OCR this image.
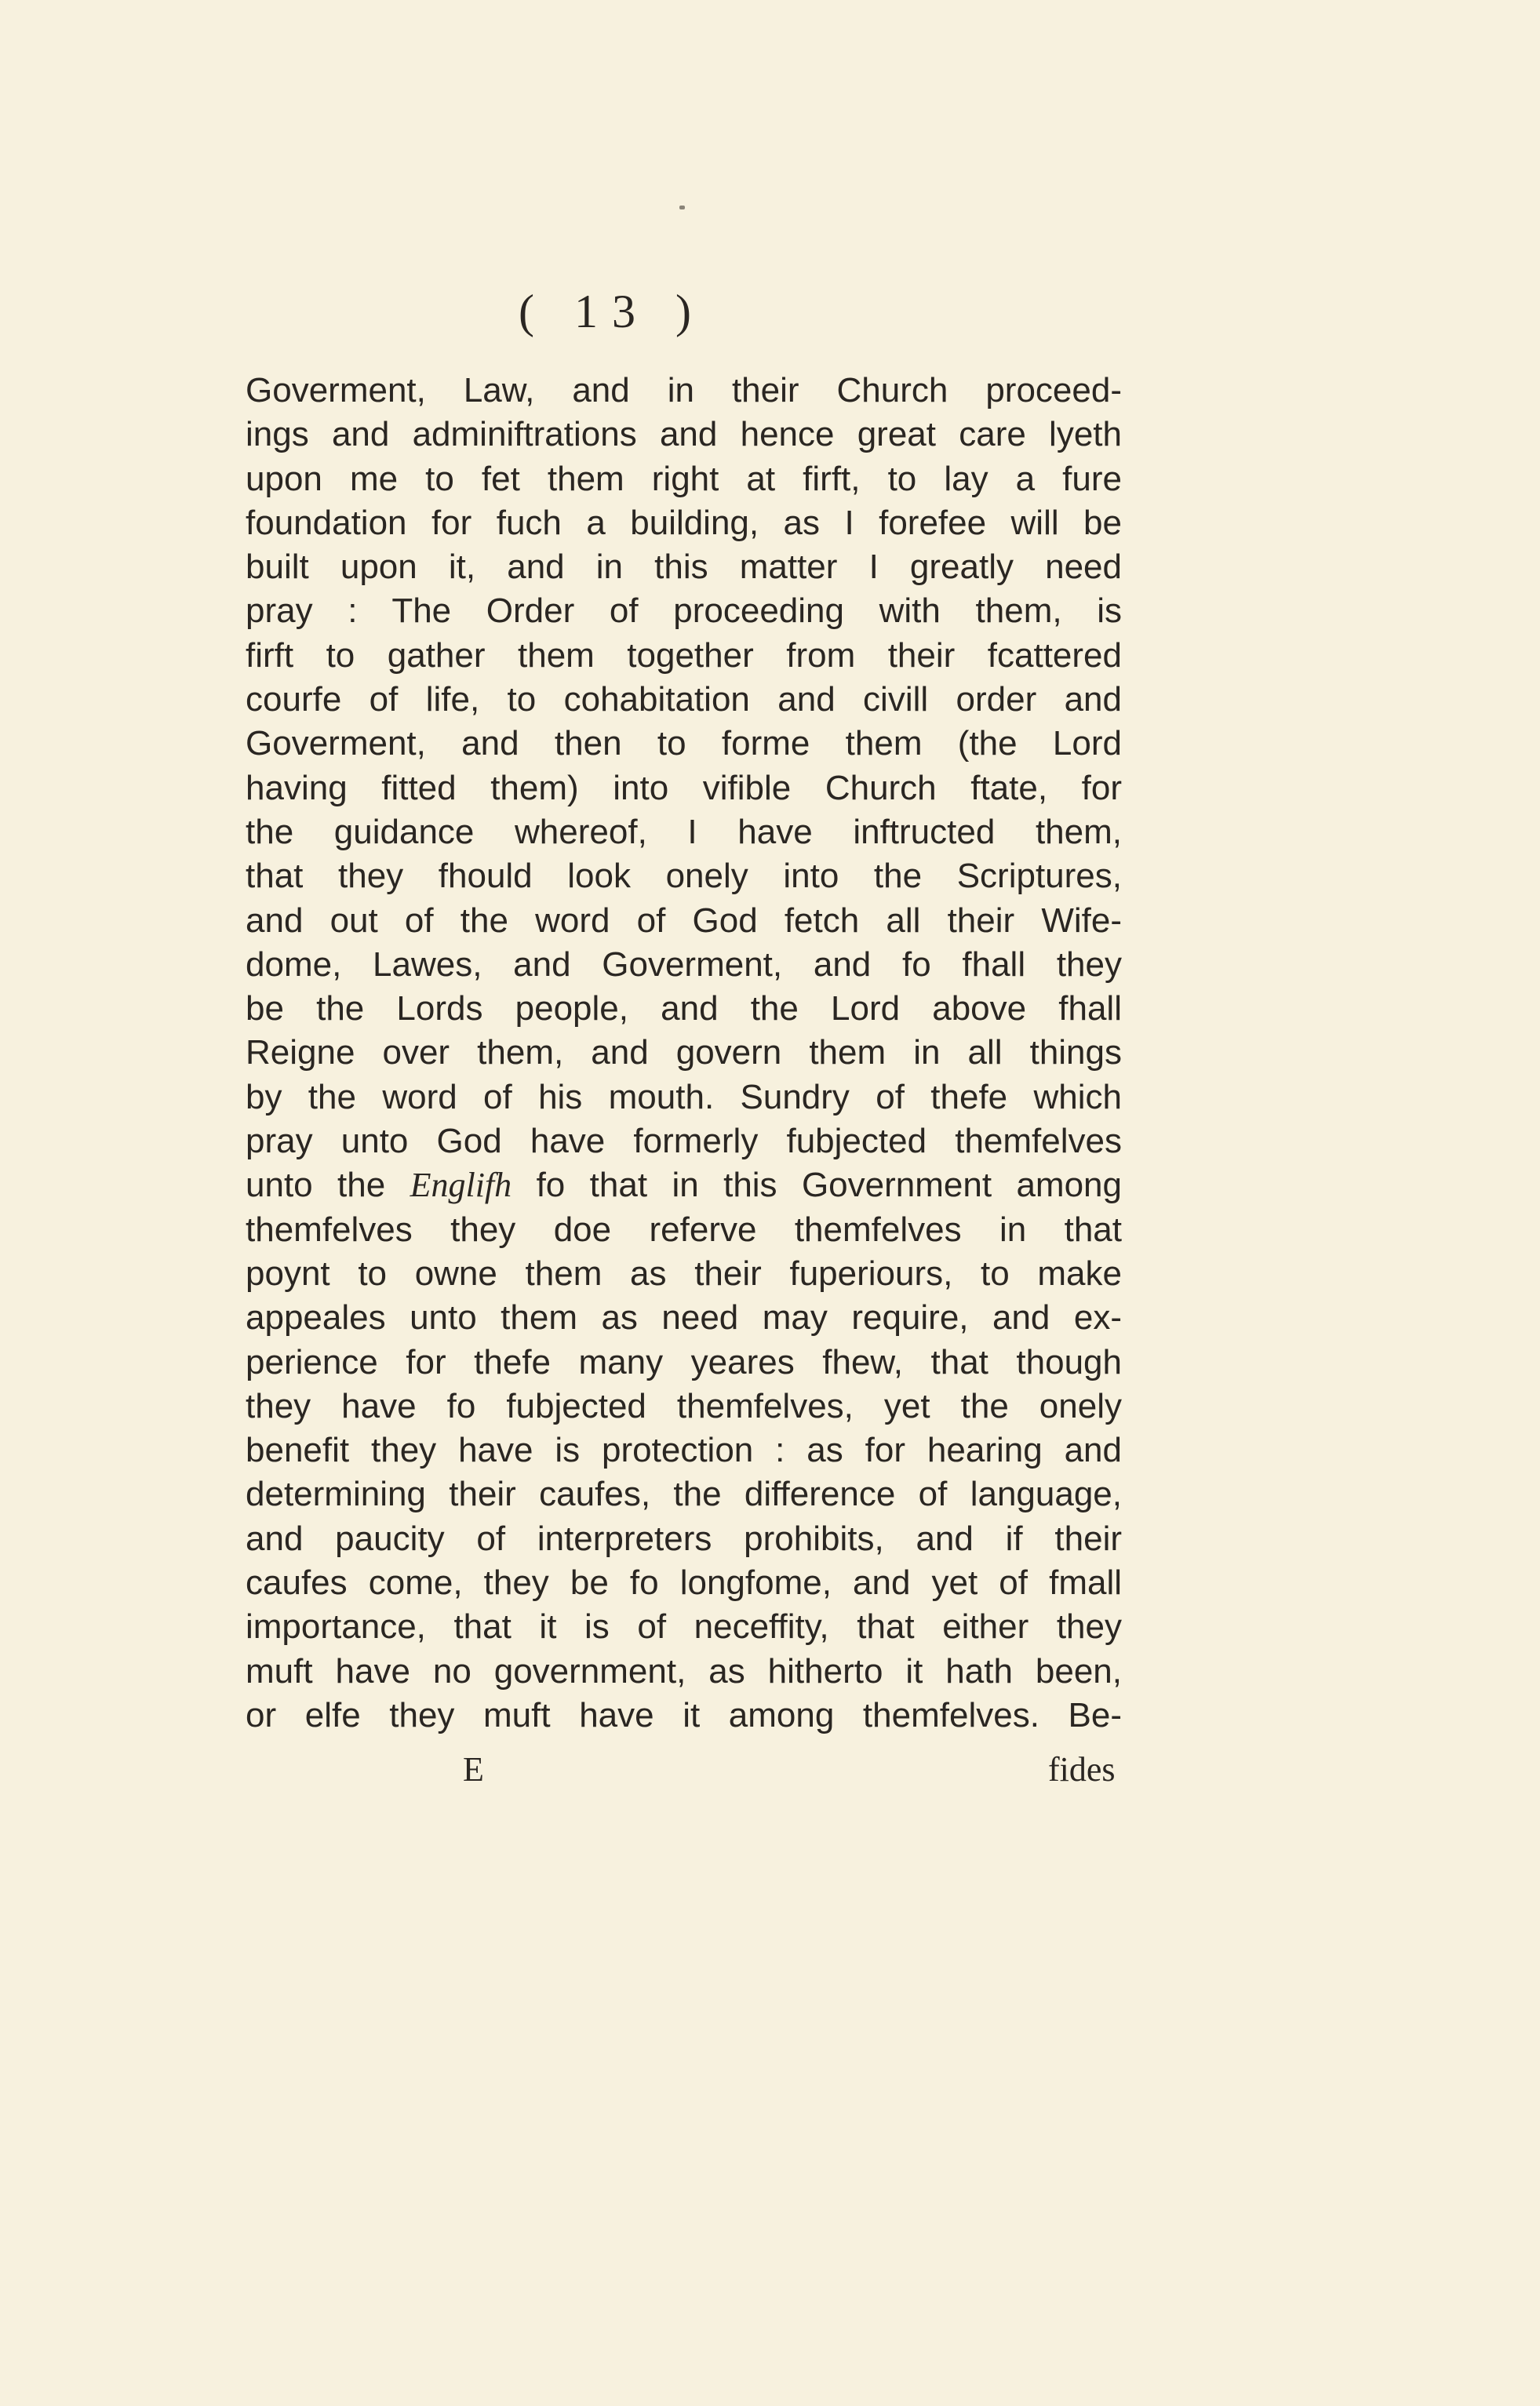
( 13 )
Goverment, Law, and in their Church proceed-
ings and adminiftrations and hence great care lyeth
upon me to fet them right at firft, to lay a fure
foundation for fuch a building, as I forefee will be
built upon it, and in this matter I greatly need
pray : The Order of proceeding with them, is
firft to gather them together from their fcattered
courfe of life, to cohabitation and civill order and
Goverment, and then to forme them (the Lord
having fitted them) into vifible Church ftate, for
the guidance whereof, I have inftructed them,
that they fhould look onely into the Scriptures,
and out of the word of God fetch all their Wife-
dome, Lawes, and Goverment, and fo fhall they
be the Lords people, and the Lord above fhall
Reigne over them, and govern them in all things
by the word of his mouth. Sundry of thefe which
pray unto God have formerly fubjected themfelves
unto the Englifh fo that in this Government among
themfelves they doe referve themfelves in that
poynt to owne them as their fuperiours, to make
appeales unto them as need may require, and ex-
perience for thefe many yeares fhew, that though
they have fo fubjected themfelves, yet the onely
benefit they have is protection : as for hearing and
determining their caufes, the difference of language,
and paucity of interpreters prohibits, and if their
caufes come, they be fo longfome, and yet of fmall
importance, that it is of neceffity, that either they
muft have no government, as hitherto it hath been,
or elfe they muft have it among themfelves. Be-
E	fides
